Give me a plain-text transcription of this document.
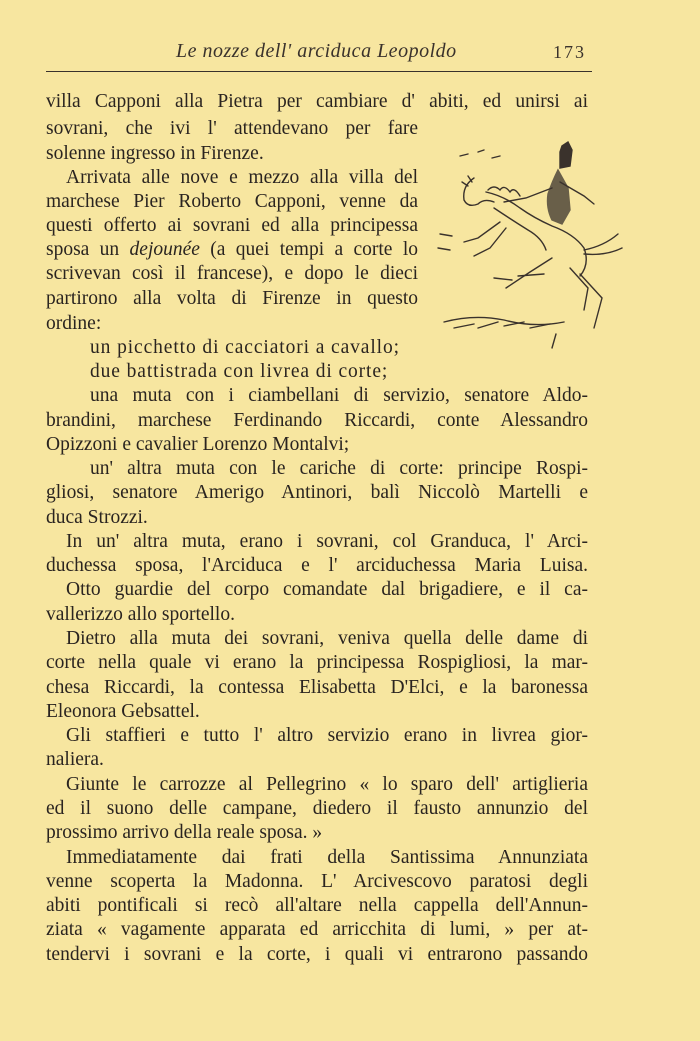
Le nozze dell' arciduca Leopoldo	173
villa Capponi alla Pietra per cambiare d' abiti, ed unirsi ai
sovrani, che ivi l' attendevano per fare
solenne ingresso in Firenze.
Arrivata alle nove e mezzo alla villa del
marchese Pier Roberto Capponi, venne da
questi offerto ai sovrani ed alla principessa
sposa un dejounée (a quei tempi a corte lo
scrivevan così il francese), e dopo le dieci
partirono alla volta di Firenze in questo
ordine:
un picchetto di cacciatori a cavallo;
due battistrada con livrea di corte;
una muta con i ciambellani di servizio, senatore Aldo-
brandini, marchese Ferdinando Riccardi, conte Alessandro
Opizzoni e cavalier Lorenzo Montalvi;
un' altra muta con le cariche di corte: principe Rospi-
gliosi, senatore Amerigo Antinori, balì Niccolò Martelli e
duca Strozzi.
In un' altra muta, erano i sovrani, col Granduca, l' Arci-
duchessa sposa, l'Arciduca e l' arciduchessa Maria Luisa.
Otto guardie del corpo comandate dal brigadiere, e il ca-
vallerizzo allo sportello.
Dietro alla muta dei sovrani, veniva quella delle dame di
corte nella quale vi erano la principessa Rospigliosi, la mar-
chesa Riccardi, la contessa Elisabetta D'Elci, e la baronessa
Eleonora Gebsattel.
Gli staffieri e tutto l' altro servizio erano in livrea gior-
naliera.
Giunte le carrozze al Pellegrino « lo sparo dell' artiglieria
ed il suono delle campane, diedero il fausto annunzio del
prossimo arrivo della reale sposa. »
Immediatamente dai frati della Santissima Annunziata
venne scoperta la Madonna. L' Arcivescovo paratosi degli
abiti pontificali si recò all'altare nella cappella dell'Annun-
ziata « vagamente apparata ed arricchita di lumi, » per at-
tendervi i sovrani e la corte, i quali vi entrarono passando
